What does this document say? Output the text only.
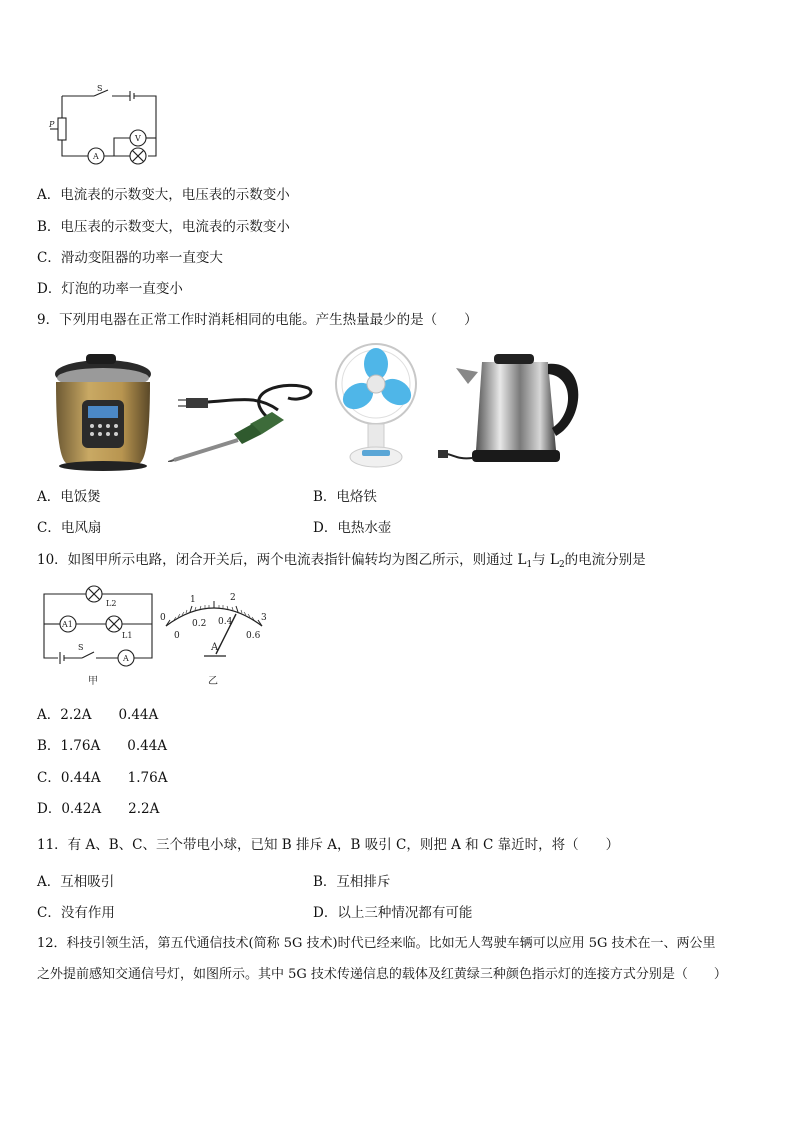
S
P
V
A
A．电流表的示数变大，电压表的示数变小
B．电压表的示数变大，电流表的示数变小
C．滑动变阻器的功率一直变大
D．灯泡的功率一直变小
9．下列用电器在正常工作时消耗相同的电能。产生热量最少的是（　　）
A．电饭煲	B．电烙铁
C．电风扇	D．电热水壶
10．如图甲所示电路，闭合开关后，两个电流表指针偏转均为图乙所示，则通过 $L_1$与 $L_2$的电流分别是
L2
L1
A1
A
S
甲
0
1	2
3
0
0.2 0.4
0.6
A
乙
A．2.2A　　0.44A
B．1.76A　　0.44A
C．0.44A　　1.76A
D．0.42A　　2.2A
11．有 A、B、C、三个带电小球，已知 B 排斥 A，B 吸引 C，则把 A 和 C 靠近时，将（　　）
A．互相吸引	B．互相排斥
C．没有作用	D．以上三种情况都有可能
12．科技引领生活，第五代通信技术(简称 5G 技术)时代已经来临。比如无人驾驶车辆可以应用 5G 技术在一、两公里
之外提前感知交通信号灯，如图所示。其中 5G 技术传递信息的载体及红黄绿三种颜色指示灯的连接方式分别是（　　）
